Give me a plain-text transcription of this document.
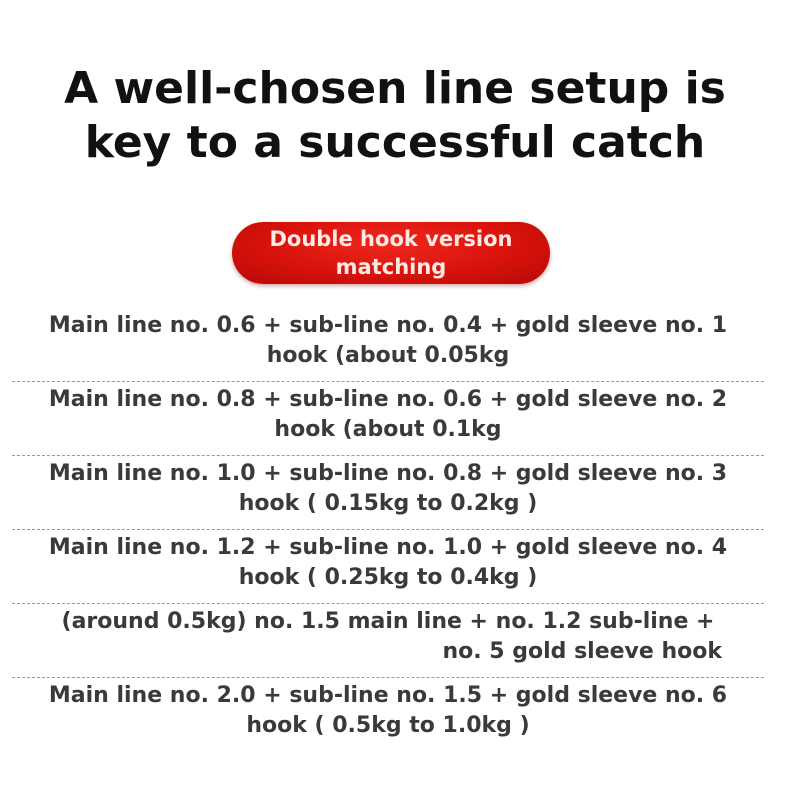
A well-chosen line setup is
key to a successful catch
Double hook version
matching
Main line no. 0.6 + sub-line no. 0.4 + gold sleeve no. 1
hook (about 0.05kg
Main line no. 0.8 + sub-line no. 0.6 + gold sleeve no. 2
hook (about 0.1kg
Main line no. 1.0 + sub-line no. 0.8 + gold sleeve no. 3
hook ( 0.15kg to 0.2kg )
Main line no. 1.2 + sub-line no. 1.0 + gold sleeve no. 4
hook ( 0.25kg to 0.4kg )
(around 0.5kg) no. 1.5 main line + no. 1.2 sub-line +
no. 5 gold sleeve hook
Main line no. 2.0 + sub-line no. 1.5 + gold sleeve no. 6
hook ( 0.5kg to 1.0kg )
